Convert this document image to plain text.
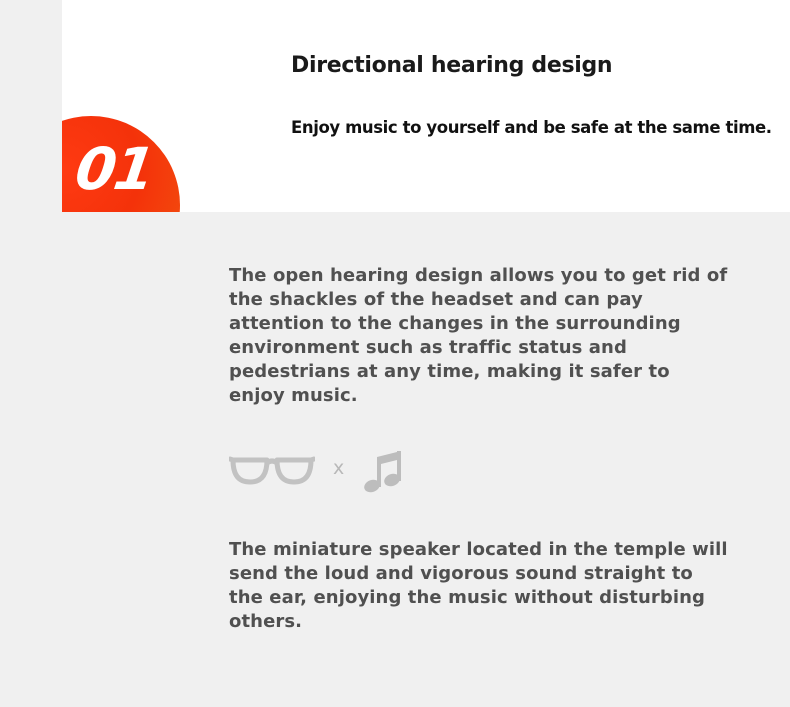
01
Directional hearing design

Enjoy music to yourself and be safe at the same time.

The open hearing design allows you to get rid of the shackles of the headset and can pay attention to the changes in the surrounding environment such as traffic status and pedestrians at any time, making it safer to enjoy music.

x

The miniature speaker located in the temple will send the loud and vigorous sound straight to the ear, enjoying the music without disturbing others.
